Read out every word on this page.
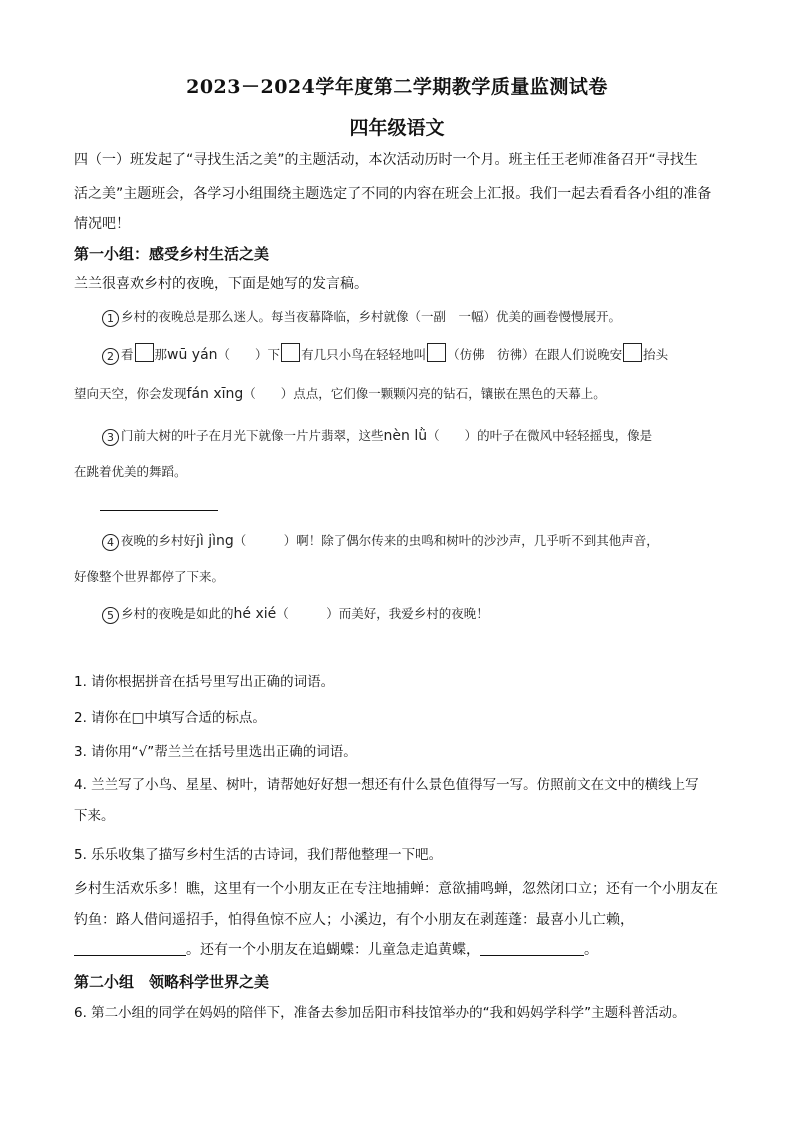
2023－2024学年度第二学期教学质量监测试卷
四年级语文
四（一）班发起了“寻找生活之美”的主题活动，本次活动历时一个月。班主任王老师准备召开“寻找生
活之美”主题班会，各学习小组围绕主题选定了不同的内容在班会上汇报。我们一起去看看各小组的准备
情况吧！
第一小组：感受乡村生活之美
兰兰很喜欢乡村的夜晚，下面是她写的发言稿。
1 乡村的夜晚总是那么迷人。每当夜幕降临，乡村就像（一副　一幅）优美的画卷慢慢展开。
2 看 那wū yán（　　）下 有几只小鸟在轻轻地叫 （仿佛　彷彿）在跟人们说晚安 抬头
望向天空，你会发现fán xīng（　　）点点，它们像一颗颗闪亮的钻石，镶嵌在黑色的天幕上。
3 门前大树的叶子在月光下就像一片片翡翠，这些nèn lǜ（　　）的叶子在微风中轻轻摇曳，像是
在跳着优美的舞蹈。
4 夜晚的乡村好jì jìng（　　　）啊！除了偶尔传来的虫鸣和树叶的沙沙声，几乎听不到其他声音，
好像整个世界都停了下来。
5 乡村的夜晚是如此的hé xié（　　　）而美好，我爱乡村的夜晚！
1. 请你根据拼音在括号里写出正确的词语。
2. 请你在□中填写合适的标点。
3. 请你用“√”帮兰兰在括号里选出正确的词语。
4. 兰兰写了小鸟、星星、树叶，请帮她好好想一想还有什么景色值得写一写。仿照前文在文中的横线上写
下来。
5. 乐乐收集了描写乡村生活的古诗词，我们帮他整理一下吧。
乡村生活欢乐多！瞧，这里有一个小朋友正在专注地捕蝉：意欲捕鸣蝉，忽然闭口立；还有一个小朋友在
钓鱼：路人借问遥招手，怕得鱼惊不应人；小溪边，有个小朋友在剥莲蓬：最喜小儿亡赖，
。还有一个小朋友在追蝴蝶：儿童急走追黄蝶，	。
第二小组　领略科学世界之美
6. 第二小组的同学在妈妈的陪伴下，准备去参加岳阳市科技馆举办的“我和妈妈学科学”主题科普活动。
